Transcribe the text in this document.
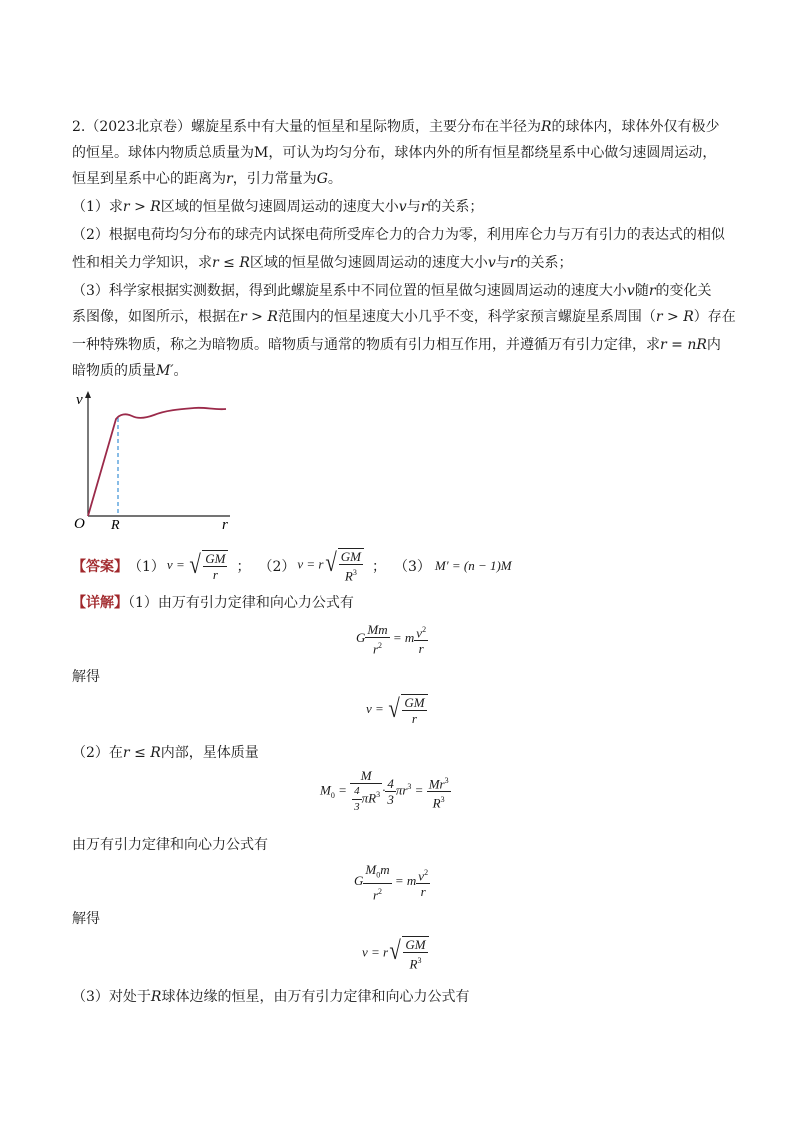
2.（2023北京卷）螺旋星系中有大量的恒星和星际物质，主要分布在半径为R的球体内，球体外仅有极少
的恒星。球体内物质总质量为M，可认为均匀分布，球体内外的所有恒星都绕星系中心做匀速圆周运动，
恒星到星系中心的距离为r，引力常量为G。
（1）求r > R区域的恒星做匀速圆周运动的速度大小v与r的关系；
（2）根据电荷均匀分布的球壳内试探电荷所受库仑力的合力为零，利用库仑力与万有引力的表达式的相似
性和相关力学知识，求r ≤ R区域的恒星做匀速圆周运动的速度大小v与r的关系；
（3）科学家根据实测数据，得到此螺旋星系中不同位置的恒星做匀速圆周运动的速度大小v随r的变化关
系图像，如图所示，根据在r > R范围内的恒星速度大小几乎不变，科学家预言螺旋星系周围（r > R）存在
一种特殊物质，称之为暗物质。暗物质与通常的物质有引力相互作用，并遵循万有引力定律，求r = nR内
暗物质的质量M′。
v
r
O R
【答案】 （1） v = √ $\frac{GM}{r}$ ； （2） v = r √ $\frac{GM}{R^3}$ ； （3） M′ = (n − 1)M
【详解】（1）由万有引力定律和向心力公式有
G $\frac{Mm}{r^2} = m \frac{v^2}{r}$
解得
v = √ $\frac{GM}{r}$
（2）在r ≤ R内部，星体质量
$M_0 = \frac{M}{\frac{4}{3} \pi R^3} \cdot \frac{4}{3} \pi r^3 = \frac{Mr^3}{R^3}$
由万有引力定律和向心力公式有
G $\frac{M_0m}{r^2} = m \frac{v^2}{r}$
解得
v = r √ $\frac{GM}{R^3}$
（3）对处于R球体边缘的恒星，由万有引力定律和向心力公式有
